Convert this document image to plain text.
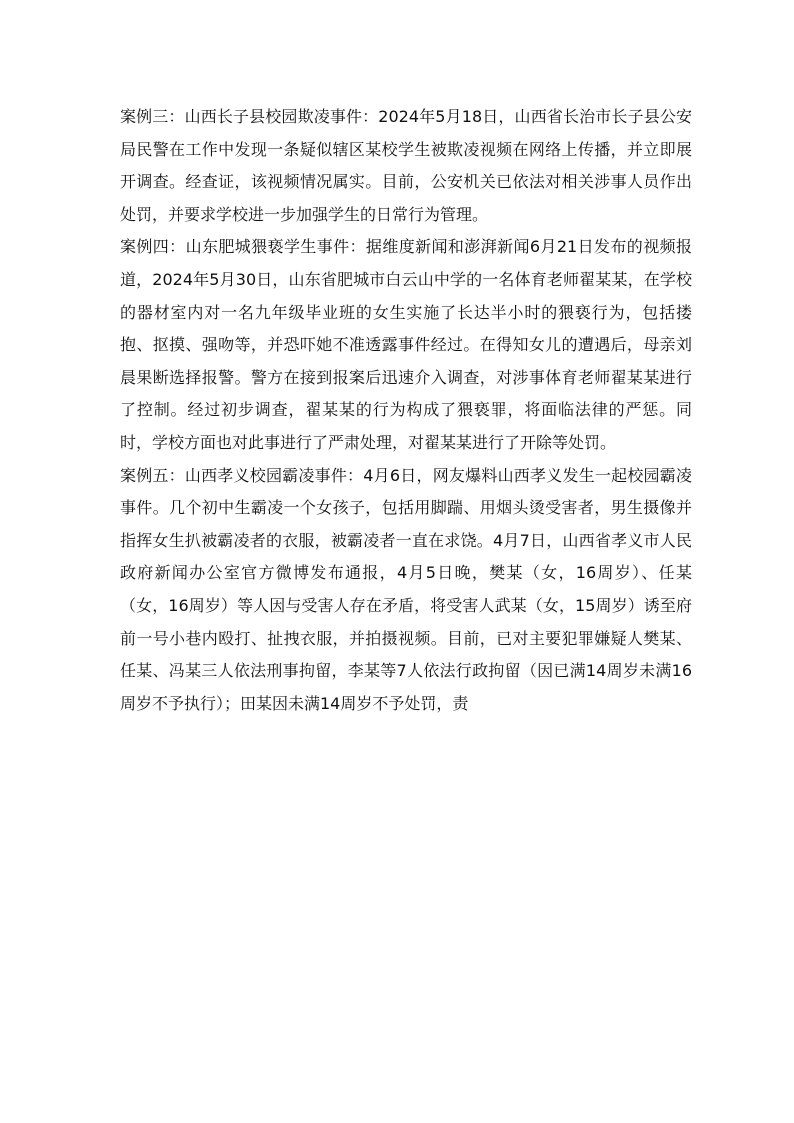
案例三：山西长子县校园欺凌事件：2024年5月18日，山西省长治市长子县公安局民警在工作中发现一条疑似辖区某校学生被欺凌视频在网络上传播，并立即展开调查。经查证，该视频情况属实。目前，公安机关已依法对相关涉事人员作出处罚，并要求学校进一步加强学生的日常行为管理。

案例四：山东肥城猥亵学生事件：据维度新闻和澎湃新闻6月21日发布的视频报道，2024年5月30日，山东省肥城市白云山中学的一名体育老师翟某某，在学校的器材室内对一名九年级毕业班的女生实施了长达半小时的猥亵行为，包括搂抱、抠摸、强吻等，并恐吓她不准透露事件经过。在得知女儿的遭遇后，母亲刘晨果断选择报警。警方在接到报案后迅速介入调查，对涉事体育老师翟某某进行了控制。经过初步调查，翟某某的行为构成了猥亵罪，将面临法律的严惩。同时，学校方面也对此事进行了严肃处理，对翟某某进行了开除等处罚。

案例五：山西孝义校园霸凌事件：4月6日，网友爆料山西孝义发生一起校园霸凌事件。几个初中生霸凌一个女孩子，包括用脚踹、用烟头烫受害者，男生摄像并指挥女生扒被霸凌者的衣服，被霸凌者一直在求饶。4月7日，山西省孝义市人民政府新闻办公室官方微博发布通报，4月5日晚，樊某（女，16周岁）、任某（女，16周岁）等人因与受害人存在矛盾，将受害人武某（女，15周岁）诱至府前一号小巷内殴打、扯拽衣服，并拍摄视频。目前，已对主要犯罪嫌疑人樊某、任某、冯某三人依法刑事拘留，李某等7人依法行政拘留（因已满14周岁未满16周岁不予执行）；田某因未满14周岁不予处罚，责
